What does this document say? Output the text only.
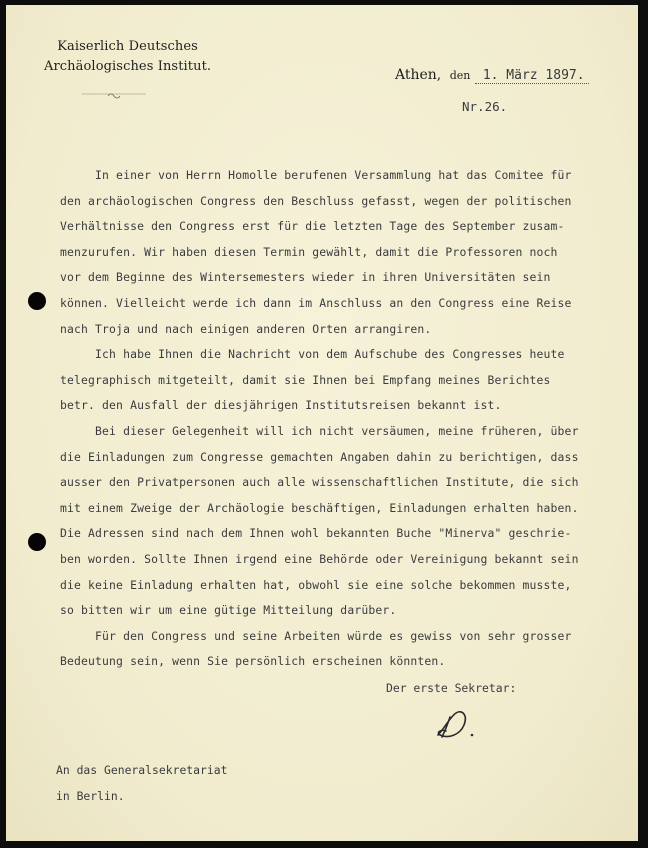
Kaiserlich Deutsches
Archäologisches Institut.
Athen, den 1. März 1897.
Nr.26.
In einer von Herrn Homolle berufenen Versammlung hat das Comitee für
den archäologischen Congress den Beschluss gefasst, wegen der politischen
Verhältnisse den Congress erst für die letzten Tage des September zusam-
menzurufen. Wir haben diesen Termin gewählt, damit die Professoren noch
vor dem Beginne des Wintersemesters wieder in ihren Universitäten sein
können. Vielleicht werde ich dann im Anschluss an den Congress eine Reise
nach Troja und nach einigen anderen Orten arrangiren.
Ich habe Ihnen die Nachricht von dem Aufschube des Congresses heute
telegraphisch mitgeteilt, damit sie Ihnen bei Empfang meines Berichtes
betr. den Ausfall der diesjährigen Institutsreisen bekannt ist.
Bei dieser Gelegenheit will ich nicht versäumen, meine früheren, über
die Einladungen zum Congresse gemachten Angaben dahin zu berichtigen, dass
ausser den Privatpersonen auch alle wissenschaftlichen Institute, die sich
mit einem Zweige der Archäologie beschäftigen, Einladungen erhalten haben.
Die Adressen sind nach dem Ihnen wohl bekannten Buche "Minerva" geschrie-
ben worden. Sollte Ihnen irgend eine Behörde oder Vereinigung bekannt sein
die keine Einladung erhalten hat, obwohl sie eine solche bekommen musste,
so bitten wir um eine gütige Mitteilung darüber.
Für den Congress und seine Arbeiten würde es gewiss von sehr grosser
Bedeutung sein, wenn Sie persönlich erscheinen könnten.
Der erste Sekretar:
An das Generalsekretariat
in Berlin.
